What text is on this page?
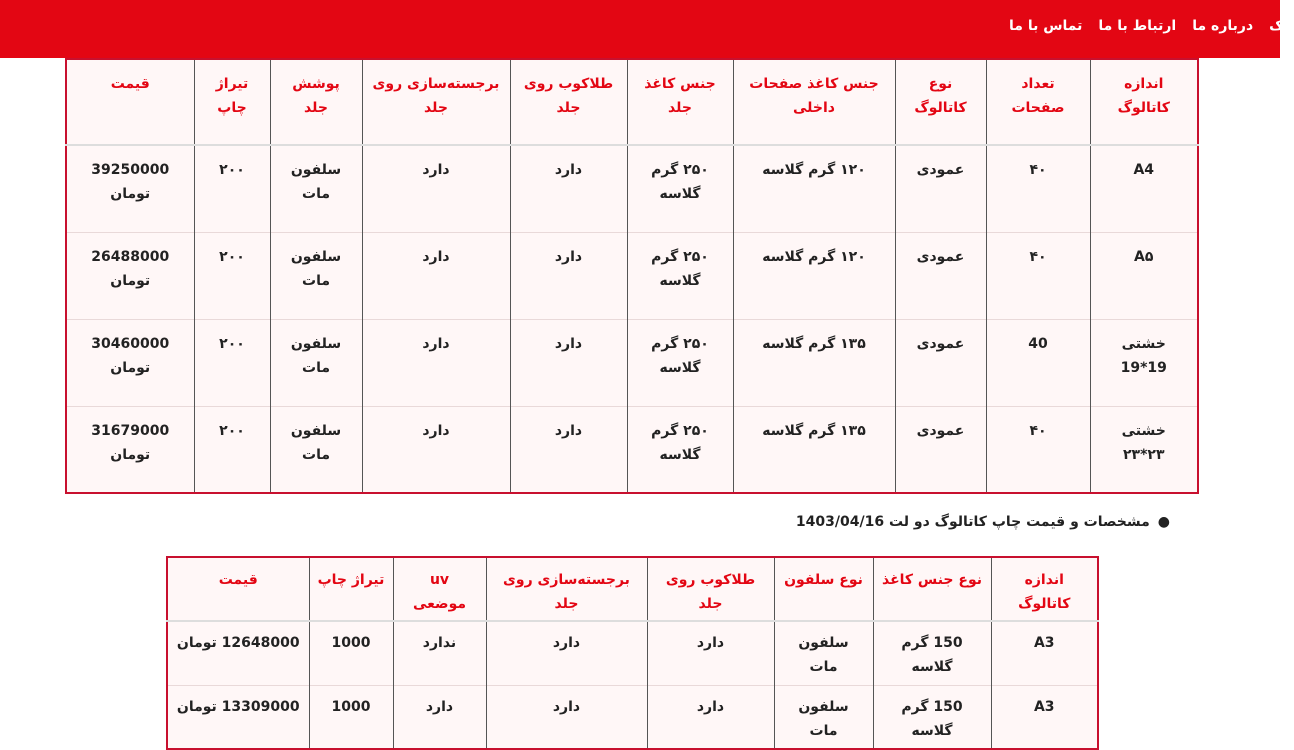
تماس با ما ارتباط با ما درباره ما تاک
اندازه کاتالوگ	تعداد صفحات	نوع کاتالوگ	جنس کاغذ صفحات داخلی	جنس کاغذ جلد	طلاکوب روی جلد	برجسته‌سازی روی جلد	پوشش جلد	تیراژ چاپ	قیمت
A4	۴۰	عمودی	۱۲۰ گرم گلاسه	۲۵۰ گرم گلاسه	دارد	دارد	سلفون مات	۲۰۰	39250000 تومان
A۵	۴۰	عمودی	۱۲۰ گرم گلاسه	۲۵۰ گرم گلاسه	دارد	دارد	سلفون مات	۲۰۰	26488000 تومان
خشتی 19*19	40	عمودی	۱۳۵ گرم گلاسه	۲۵۰ گرم گلاسه	دارد	دارد	سلفون مات	۲۰۰	30460000 تومان
خشتی ۲۳*۲۳	۴۰	عمودی	۱۳۵ گرم گلاسه	۲۵۰ گرم گلاسه	دارد	دارد	سلفون مات	۲۰۰	31679000 تومان
●مشخصات و قیمت چاپ کاتالوگ دو لت 1403/04/16
اندازه کاتالوگ	نوع جنس کاغذ	نوع سلفون	طلاکوب روی جلد	برجسته‌سازی روی جلد	uv موضعی	تیراژ چاپ	قیمت
A3	150 گرم گلاسه	سلفون مات	دارد	دارد	ندارد	1000	12648000 تومان
A3	150 گرم گلاسه	سلفون مات	دارد	دارد	دارد	1000	13309000 تومان
